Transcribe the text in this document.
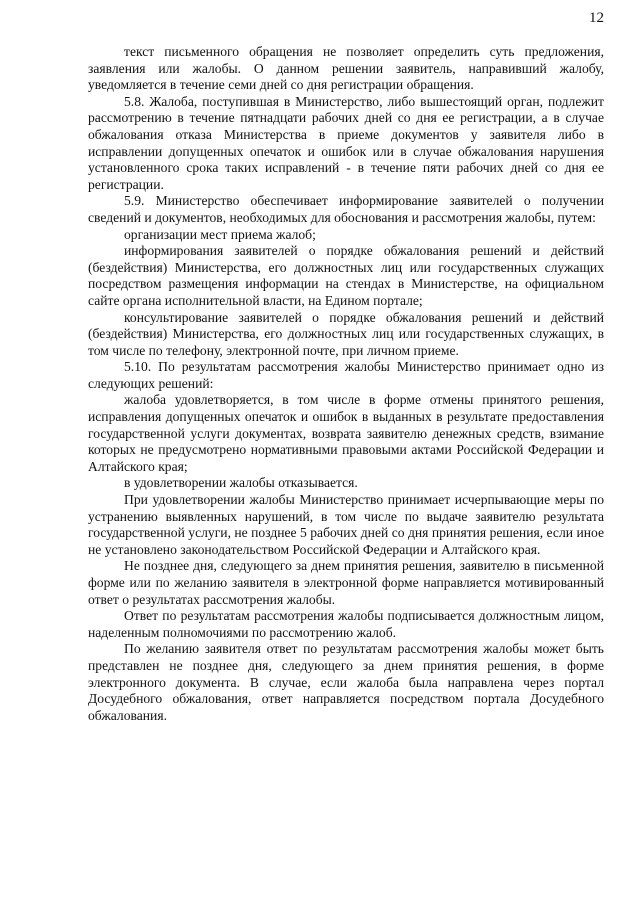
12

текст письменного обращения не позволяет определить суть предложения, заявления или жалобы. О данном решении заявитель, направивший жалобу, уведомляется в течение семи дней со дня регистрации обращения.

5.8. Жалоба, поступившая в Министерство, либо вышестоящий орган, подлежит рассмотрению в течение пятнадцати рабочих дней со дня ее регистрации, а в случае обжалования отказа Министерства в приеме документов у заявителя либо в исправлении допущенных опечаток и ошибок или в случае обжалования нарушения установленного срока таких исправлений - в течение пяти рабочих дней со дня ее регистрации.

5.9. Министерство обеспечивает информирование заявителей о получении сведений и документов, необходимых для обоснования и рассмотрения жалобы, путем:

организации мест приема жалоб;

информирования заявителей о порядке обжалования решений и действий (бездействия) Министерства, его должностных лиц или государственных служащих посредством размещения информации на стендах в Министерстве, на официальном сайте органа исполнительной власти, на Едином портале;

консультирование заявителей о порядке обжалования решений и действий (бездействия) Министерства, его должностных лиц или государственных служащих, в том числе по телефону, электронной почте, при личном приеме.

5.10. По результатам рассмотрения жалобы Министерство принимает одно из следующих решений:

жалоба удовлетворяется, в том числе в форме отмены принятого решения, исправления допущенных опечаток и ошибок в выданных в результате предоставления государственной услуги документах, возврата заявителю денежных средств, взимание которых не предусмотрено нормативными правовыми актами Российской Федерации и Алтайского края;

в удовлетворении жалобы отказывается.

При удовлетворении жалобы Министерство принимает исчерпывающие меры по устранению выявленных нарушений, в том числе по выдаче заявителю результата государственной услуги, не позднее 5 рабочих дней со дня принятия решения, если иное не установлено законодательством Российской Федерации и Алтайского края.

Не позднее дня, следующего за днем принятия решения, заявителю в письменной форме или по желанию заявителя в электронной форме направляется мотивированный ответ о результатах рассмотрения жалобы.

Ответ по результатам рассмотрения жалобы подписывается должностным лицом, наделенным полномочиями по рассмотрению жалоб.

По желанию заявителя ответ по результатам рассмотрения жалобы может быть представлен не позднее дня, следующего за днем принятия решения, в форме электронного документа. В случае, если жалоба была направлена через портал Досудебного обжалования, ответ направляется посредством портала Досудебного обжалования.
